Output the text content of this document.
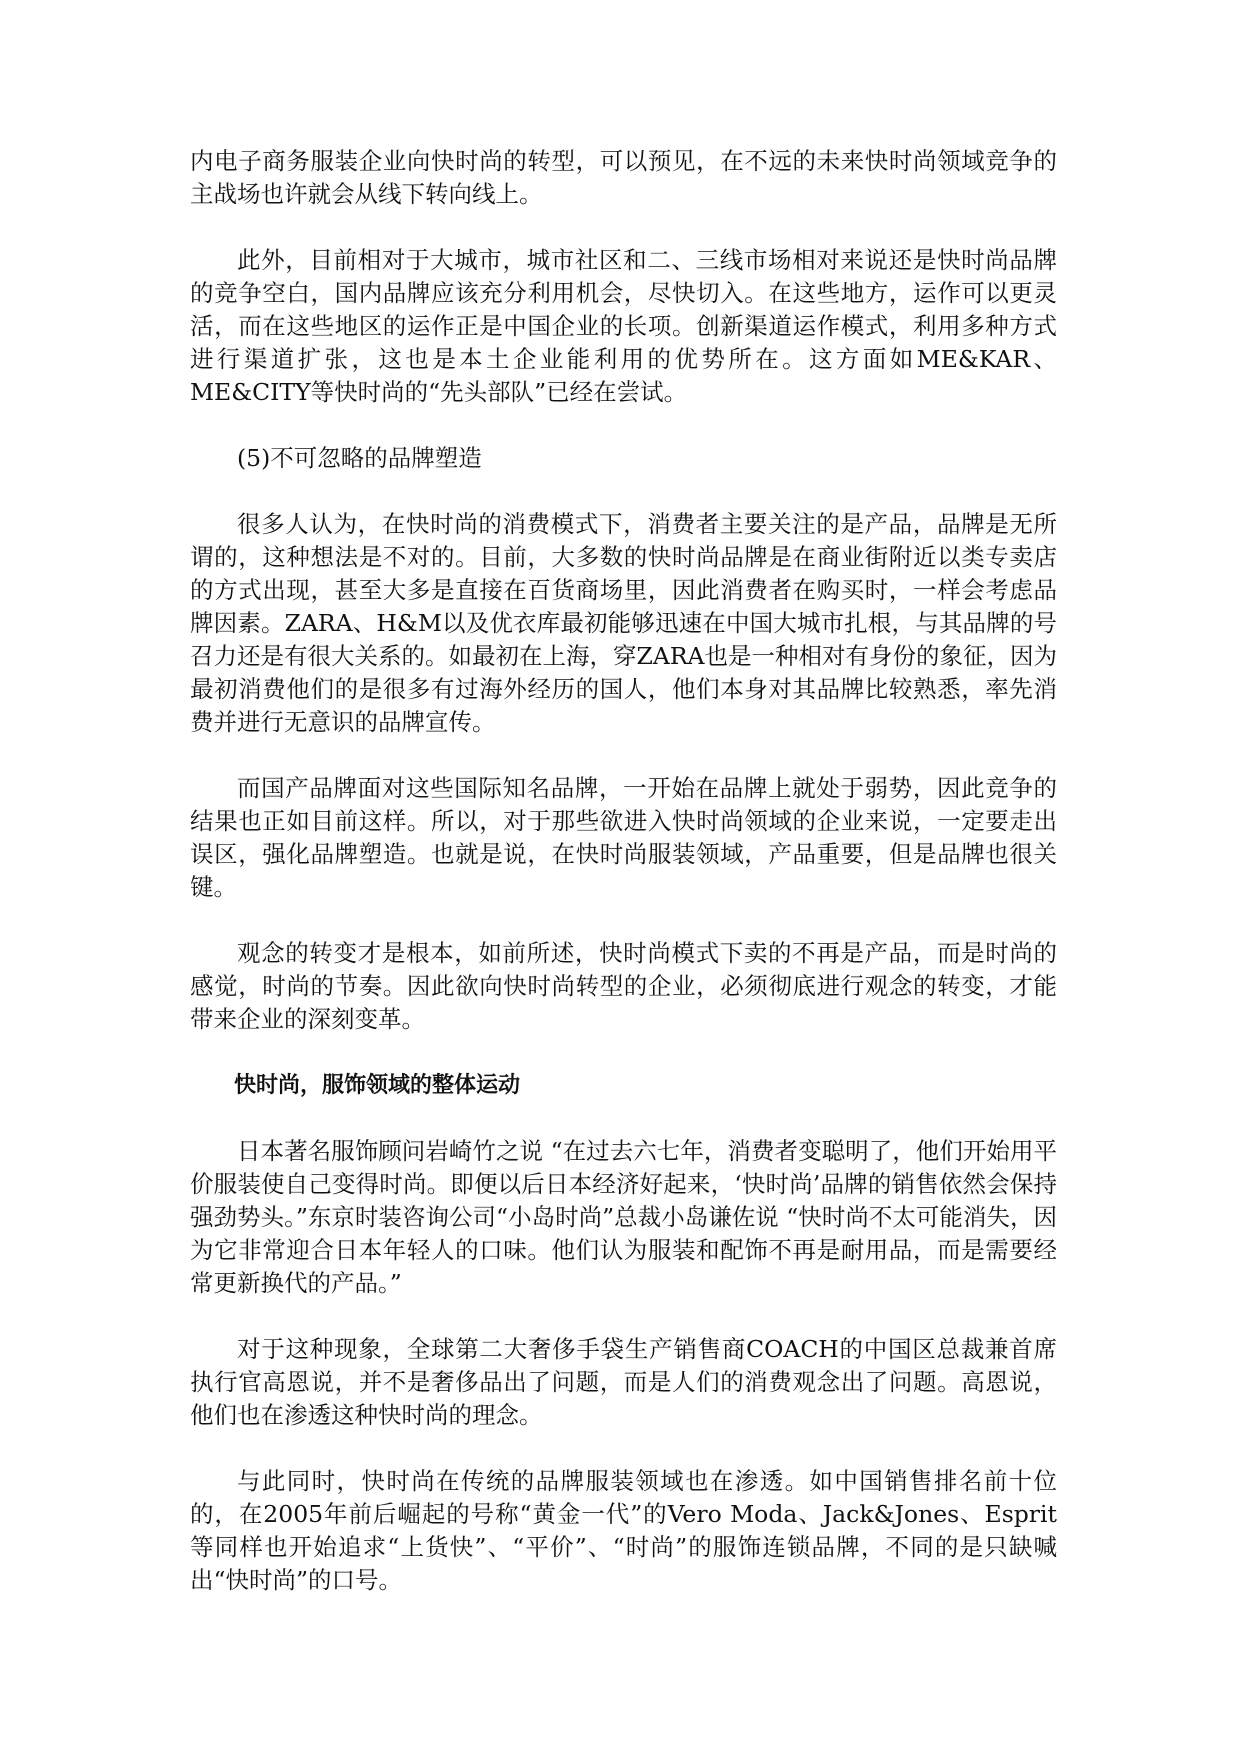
内电子商务服装企业向快时尚的转型，可以预见，在不远的未来快时尚领域竞争的主战场也许就会从线下转向线上。

此外，目前相对于大城市，城市社区和二、三线市场相对来说还是快时尚品牌的竞争空白，国内品牌应该充分利用机会，尽快切入。在这些地方，运作可以更灵活，而在这些地区的运作正是中国企业的长项。创新渠道运作模式，利用多种方式进行渠道扩张，这也是本土企业能利用的优势所在。这方面如ME&KAR、ME&CITY等快时尚的“先头部队”已经在尝试。

(5)不可忽略的品牌塑造

很多人认为，在快时尚的消费模式下，消费者主要关注的是产品，品牌是无所谓的，这种想法是不对的。目前，大多数的快时尚品牌是在商业街附近以类专卖店的方式出现，甚至大多是直接在百货商场里，因此消费者在购买时，一样会考虑品牌因素。ZARA、H&M以及优衣库最初能够迅速在中国大城市扎根，与其品牌的号召力还是有很大关系的。如最初在上海，穿ZARA也是一种相对有身份的象征，因为最初消费他们的是很多有过海外经历的国人，他们本身对其品牌比较熟悉，率先消费并进行无意识的品牌宣传。

而国产品牌面对这些国际知名品牌，一开始在品牌上就处于弱势，因此竞争的结果也正如目前这样。所以，对于那些欲进入快时尚领域的企业来说，一定要走出误区，强化品牌塑造。也就是说，在快时尚服装领域，产品重要，但是品牌也很关键。

观念的转变才是根本，如前所述，快时尚模式下卖的不再是产品，而是时尚的感觉，时尚的节奏。因此欲向快时尚转型的企业，必须彻底进行观念的转变，才能带来企业的深刻变革。

快时尚，服饰领域的整体运动

日本著名服饰顾问岩崎竹之说 “在过去六七年，消费者变聪明了，他们开始用平价服装使自己变得时尚。即便以后日本经济好起来，‘快时尚’品牌的销售依然会保持强劲势头。”东京时装咨询公司“小岛时尚”总裁小岛谦佐说 “快时尚不太可能消失，因为它非常迎合日本年轻人的口味。他们认为服装和配饰不再是耐用品，而是需要经常更新换代的产品。”

对于这种现象，全球第二大奢侈手袋生产销售商COACH的中国区总裁兼首席执行官高恩说，并不是奢侈品出了问题，而是人们的消费观念出了问题。高恩说，他们也在渗透这种快时尚的理念。

与此同时，快时尚在传统的品牌服装领域也在渗透。如中国销售排名前十位的，在2005年前后崛起的号称“黄金一代”的Vero Moda、Jack&Jones、Esprit等同样也开始追求“上货快”、“平价”、“时尚”的服饰连锁品牌，不同的是只缺喊出“快时尚”的口号。
